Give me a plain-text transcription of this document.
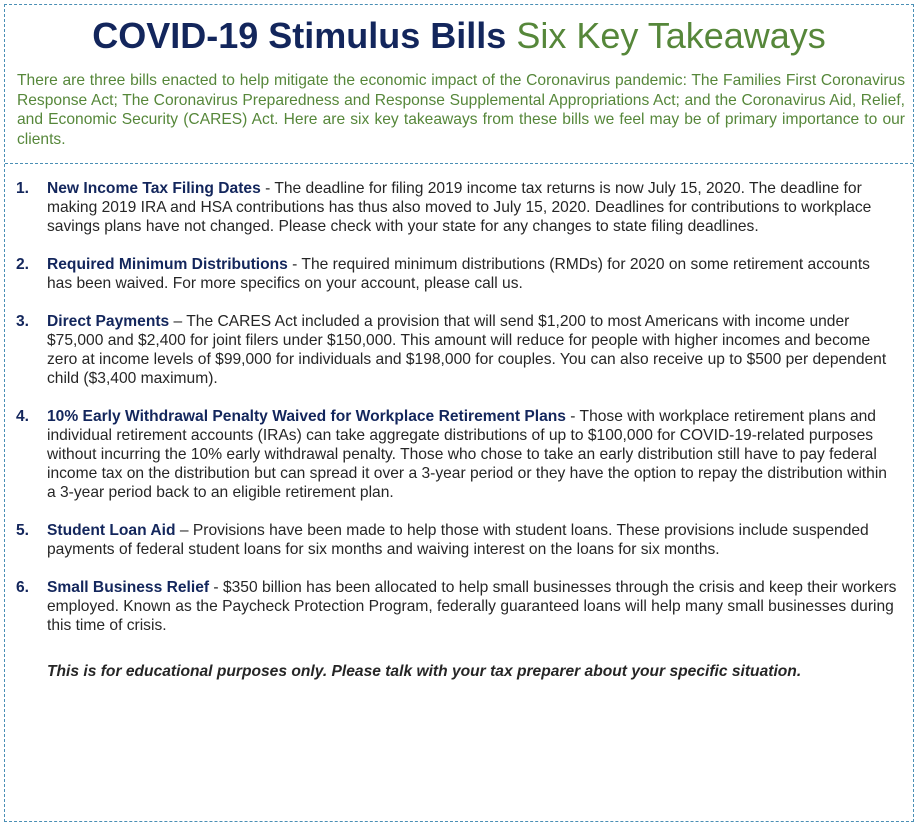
COVID-19 Stimulus Bills Six Key Takeaways

There are three bills enacted to help mitigate the economic impact of the Coronavirus pandemic: The Families First Coronavirus Response Act; The Coronavirus Preparedness and Response Supplemental Appropriations Act; and the Coronavirus Aid, Relief, and Economic Security (CARES) Act. Here are six key takeaways from these bills we feel may be of primary importance to our clients.

1. New Income Tax Filing Dates - The deadline for filing 2019 income tax returns is now July 15, 2020. The deadline for making 2019 IRA and HSA contributions has thus also moved to July 15, 2020. Deadlines for contributions to workplace savings plans have not changed. Please check with your state for any changes to state filing deadlines.
2. Required Minimum Distributions - The required minimum distributions (RMDs) for 2020 on some retirement accounts has been waived. For more specifics on your account, please call us.
3. Direct Payments – The CARES Act included a provision that will send $1,200 to most Americans with income under $75,000 and $2,400 for joint filers under $150,000. This amount will reduce for people with higher incomes and become zero at income levels of $99,000 for individuals and $198,000 for couples. You can also receive up to $500 per dependent child ($3,400 maximum).
4. 10% Early Withdrawal Penalty Waived for Workplace Retirement Plans - Those with workplace retirement plans and individual retirement accounts (IRAs) can take aggregate distributions of up to $100,000 for COVID-19-related purposes without incurring the 10% early withdrawal penalty. Those who chose to take an early distribution still have to pay federal income tax on the distribution but can spread it over a 3-year period or they have the option to repay the distribution within a 3-year period back to an eligible retirement plan.
5. Student Loan Aid – Provisions have been made to help those with student loans. These provisions include suspended payments of federal student loans for six months and waiving interest on the loans for six months.
6. Small Business Relief - $350 billion has been allocated to help small businesses through the crisis and keep their workers employed. Known as the Paycheck Protection Program, federally guaranteed loans will help many small businesses during this time of crisis.

This is for educational purposes only. Please talk with your tax preparer about your specific situation.
